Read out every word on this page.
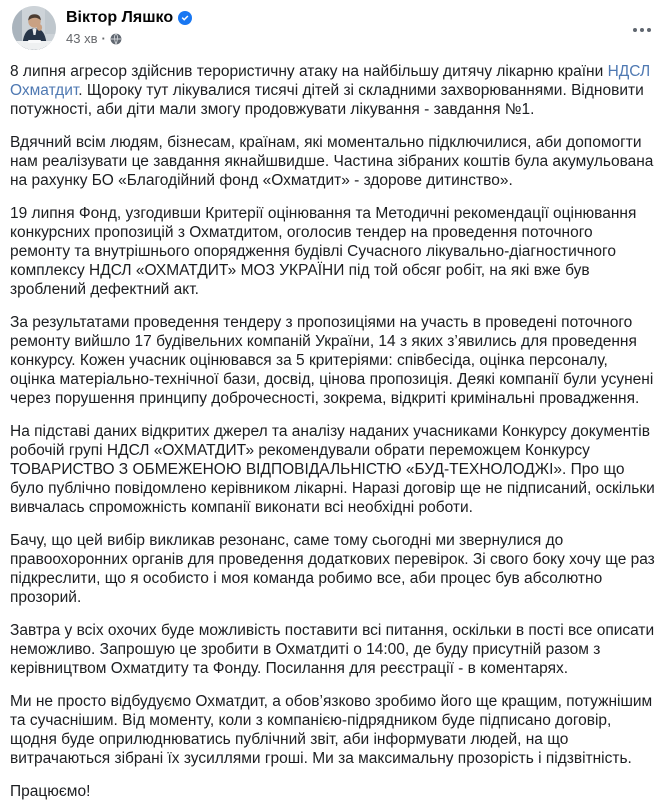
Віктор Ляшко
43 хв ·

8 липня агресор здійснив терористичну атаку на найбільшу дитячу лікарню країни НДСЛ Охматдит. Щороку тут лікувалися тисячі дітей зі складними захворюваннями. Відновити потужності, аби діти мали змогу продовжувати лікування - завдання №1.

Вдячний всім людям, бізнесам, країнам, які моментально підключилися, аби допомогти нам реалізувати це завдання якнайшвидше. Частина зібраних коштів була акумульована на рахунку БО «Благодійний фонд «Охматдит» - здорове дитинство».

19 липня Фонд, узгодивши Критерії оцінювання та Методичні рекомендації оцінювання конкурсних пропозицій з Охматдитом, оголосив тендер на проведення поточного ремонту та внутрішнього опорядження будівлі Сучасного лікувально-діагностичного комплексу НДСЛ «ОХМАТДИТ» МОЗ УКРАЇНИ під той обсяг робіт, на які вже був зроблений дефектний акт.

За результатами проведення тендеру з пропозиціями на участь в проведені поточного ремонту вийшло 17 будівельних компаній України, 14 з яких з’явились для проведення конкурсу. Кожен учасник оцінювався за 5 критеріями: співбесіда, оцінка персоналу, оцінка матеріально-технічної бази, досвід, цінова пропозиція. Деякі компанії були усунені через порушення принципу доброчесності, зокрема, відкриті кримінальні провадження.

На підставі даних відкритих джерел та аналізу наданих учасниками Конкурсу документів робочій групі НДСЛ «ОХМАТДИТ» рекомендували обрати переможцем Конкурсу ТОВАРИСТВО З ОБМЕЖЕНОЮ ВІДПОВІДАЛЬНІСТЮ «БУД-ТЕХНОЛОДЖІ». Про що було публічно повідомлено керівником лікарні. Наразі договір ще не підписаний, оскільки вивчалась спроможність компанії виконати всі необхідні роботи.

Бачу, що цей вибір викликав резонанс, саме тому сьогодні ми звернулися до правоохоронних органів для проведення додаткових перевірок. Зі свого боку хочу ще раз підкреслити, що я особисто і моя команда робимо все, аби процес був абсолютно прозорий.

Завтра у всіх охочих буде можливість поставити всі питання, оскільки в пості все описати неможливо. Запрошую це зробити в Охматдиті о 14:00, де буду присутній разом з керівництвом Охматдиту та Фонду. Посилання для реєстрації - в коментарях.

Ми не просто відбудуємо Охматдит, а обов’язково зробимо його ще кращим, потужнішим та сучаснішим. Від моменту, коли з компанією-підрядником буде підписано договір, щодня буде оприлюднюватись публічний звіт, аби інформувати людей, на що витрачаються зібрані їх зусиллями гроші. Ми за максимальну прозорість і підзвітність.

Працюємо!
